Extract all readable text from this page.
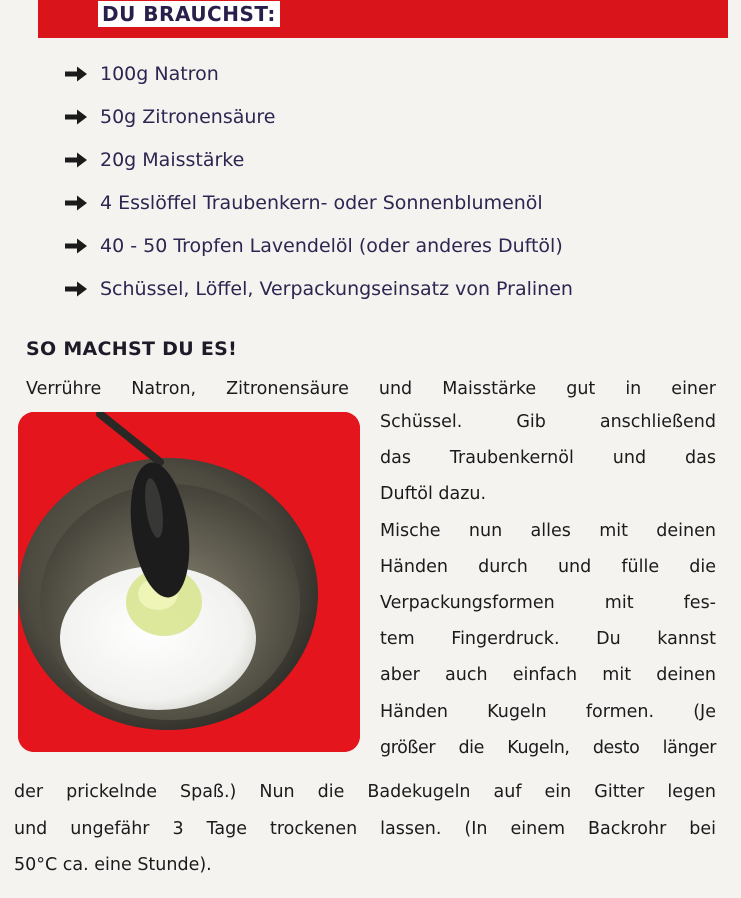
DU BRAUCHST:
100g Natron
50g Zitronensäure
20g Maisstärke
4 Esslöffel Traubenkern- oder Sonnenblumenöl
40 - 50 Tropfen Lavendelöl (oder anderes Duftöl)
Schüssel, Löffel, Verpackungseinsatz von Pralinen
SO MACHST DU ES!
Verrühre Natron, Zitronensäure und Maisstärke gut in einer
Schüssel. Gib anschließend
das Traubenkernöl und das
Duftöl dazu.
Mische nun alles mit deinen
Händen durch und fülle die
Verpackungsformen mit fes-
tem Fingerdruck. Du kannst
aber auch einfach mit deinen
Händen Kugeln formen. (Je
größer die Kugeln, desto länger
der prickelnde Spaß.) Nun die Badekugeln auf ein Gitter legen
und ungefähr 3 Tage trockenen lassen. (In einem Backrohr bei
50°C ca. eine Stunde).
